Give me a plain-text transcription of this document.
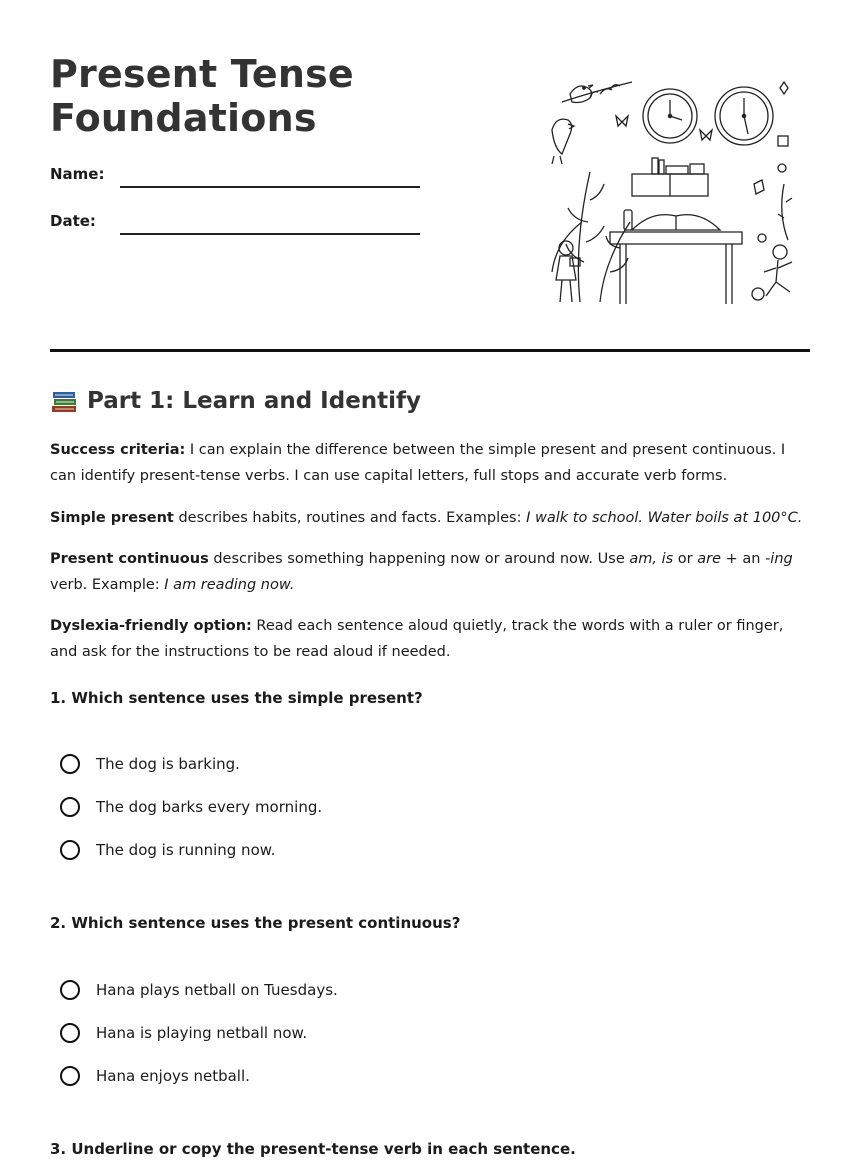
Present Tense
Foundations
Name:
Date:
Part 1: Learn and Identify

Success criteria: I can explain the difference between the simple present and present continuous. I can identify present-tense verbs. I can use capital letters, full stops and accurate verb forms.

Simple present describes habits, routines and facts. Examples: I walk to school. Water boils at 100°C.

Present continuous describes something happening now or around now. Use am, is or are + an -ing verb. Example: I am reading now.

Dyslexia-friendly option: Read each sentence aloud quietly, track the words with a ruler or finger, and ask for the instructions to be read aloud if needed.

1. Which sentence uses the simple present?

The dog is barking.
The dog barks every morning.
The dog is running now.

2. Which sentence uses the present continuous?

Hana plays netball on Tuesdays.
Hana is playing netball now.
Hana enjoys netball.

3. Underline or copy the present-tense verb in each sentence.
